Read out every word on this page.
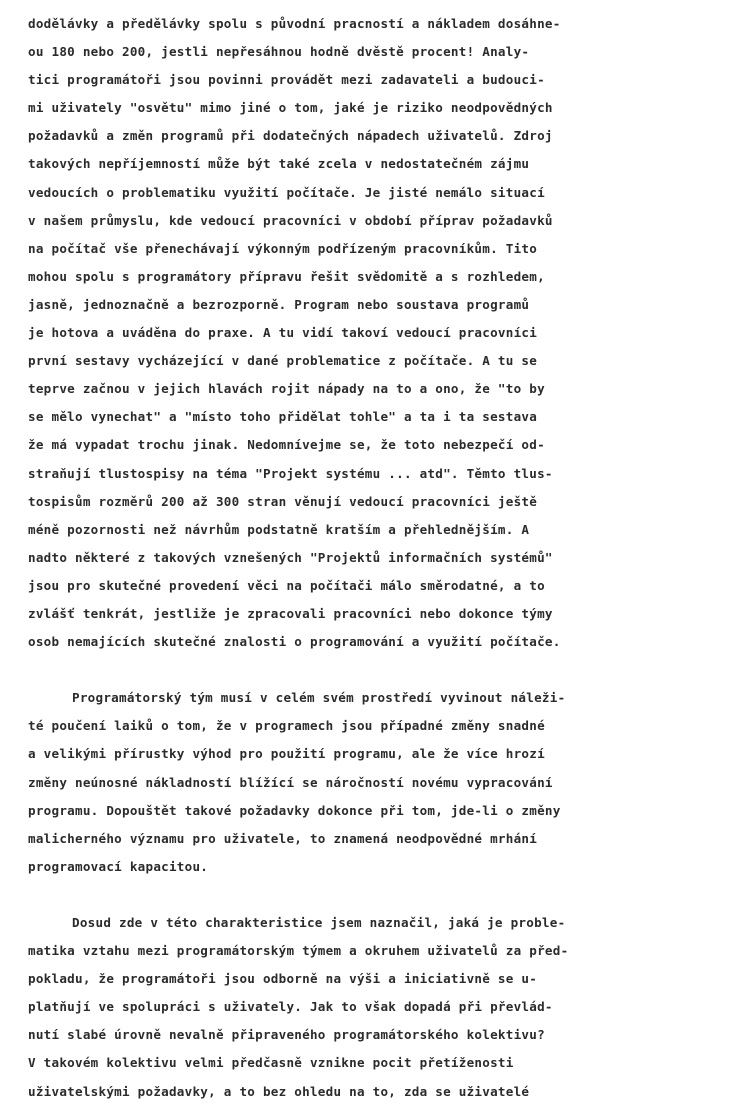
dodělávky a předělávky spolu s původní pracností a nákladem dosáhne-
ou 180 nebo 200, jestli nepřesáhnou hodně dvěstě procent! Analy-
tici programátoři jsou povinni provádět mezi zadavateli a budouci-
mi uživately "osvětu" mimo jiné o tom, jaké je riziko neodpovědných
požadavků a změn programů při dodatečných nápadech uživatelů. Zdroj
takových nepříjemností může být také zcela v nedostatečném zájmu
vedoucích o problematiku využití počítače. Je jisté nemálo situací
v našem průmyslu, kde vedoucí pracovníci v období příprav požadavků
na počítač vše přenechávají výkonným podřízeným pracovníkům. Tito
mohou spolu s programátory přípravu řešit svědomitě a s rozhledem,
jasně, jednoznačně a bezrozporně. Program nebo soustava programů
je hotova a uváděna do praxe. A tu vidí takoví vedoucí pracovníci
první sestavy vycházející v dané problematice z počítače. A tu se
teprve začnou v jejich hlavách rojit nápady na to a ono, že "to by
se mělo vynechat" a "místo toho přidělat tohle" a ta i ta sestava
že má vypadat trochu jinak. Nedomnívejme se, že toto nebezpečí od-
straňují tlustospisy na téma "Projekt systému ... atd". Těmto tlus-
tospisům rozměrů 200 až 300 stran věnují vedoucí pracovníci ještě
méně pozornosti než návrhům podstatně kratším a přehlednějším. A
nadto některé z takových vznešených "Projektů informačních systémů"
jsou pro skutečné provedení věci na počítači málo směrodatné, a to
zvlášť tenkrát, jestliže je zpracovali pracovníci nebo dokonce týmy
osob nemajících skutečné znalosti o programování a využití počítače.

Programátorský tým musí v celém svém prostředí vyvinout náleži-
té poučení laiků o tom, že v programech jsou případné změny snadné
a velikými přírustky výhod pro použití programu, ale že více hrozí
změny neúnosné nákladností blížící se náročností novému vypracování
programu. Dopouštět takové požadavky dokonce při tom, jde-li o změny
malicherného významu pro uživatele, to znamená neodpovědné mrhání
programovací kapacitou.

Dosud zde v této charakteristice jsem naznačil, jaká je proble-
matika vztahu mezi programátorským týmem a okruhem uživatelů za před-
pokladu, že programátoři jsou odborně na výši a iniciativně se u-
platňují ve spolupráci s uživately. Jak to však dopadá při převlád-
nutí slabé úrovně nevalně připraveného programátorského kolektivu?
V takovém kolektivu velmi předčasně vznikne pocit přetíženosti
uživatelskými požadavky, a to bez ohledu na to, zda se uživatelé
